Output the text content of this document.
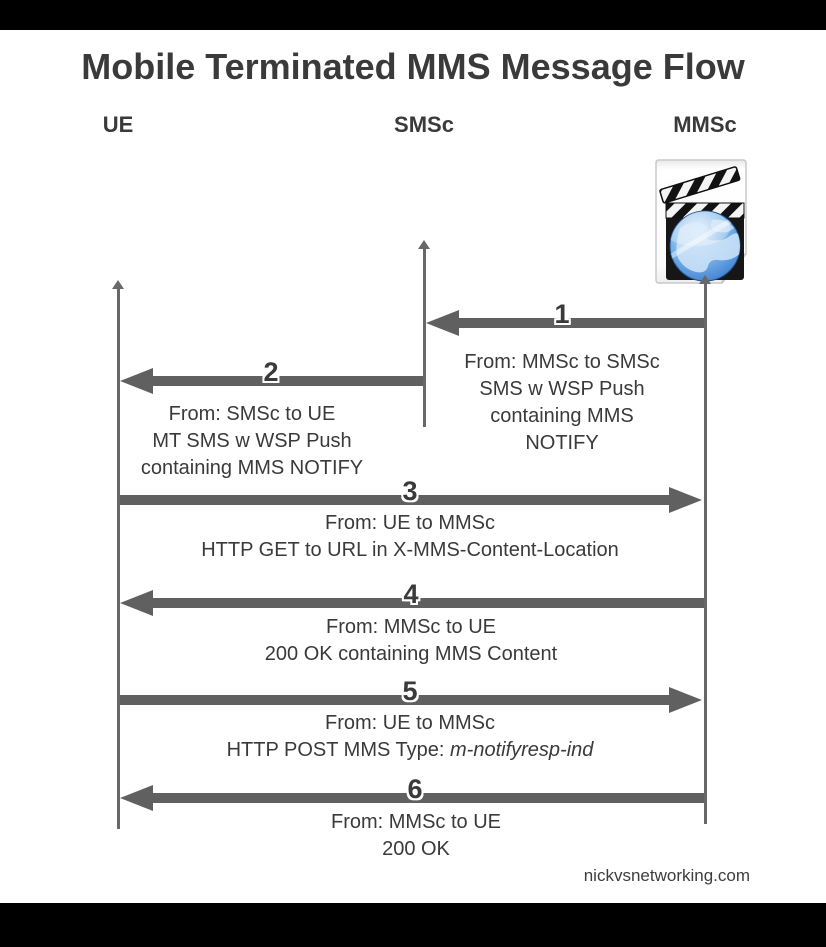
Mobile Terminated MMS Message Flow
UE	SMSc	MMSc
1
From: MMSc to SMSc
SMS w WSP Push
containing MMS
NOTIFY
2
From: SMSc to UE
MT SMS w WSP Push
containing MMS NOTIFY
3
From: UE to MMSc
HTTP GET to URL in X-MMS-Content-Location
4
From: MMSc to UE
200 OK containing MMS Content
5
From: UE to MMSc
HTTP POST MMS Type: m-notifyresp-ind
6
From: MMSc to UE
200 OK
nickvsnetworking.com
